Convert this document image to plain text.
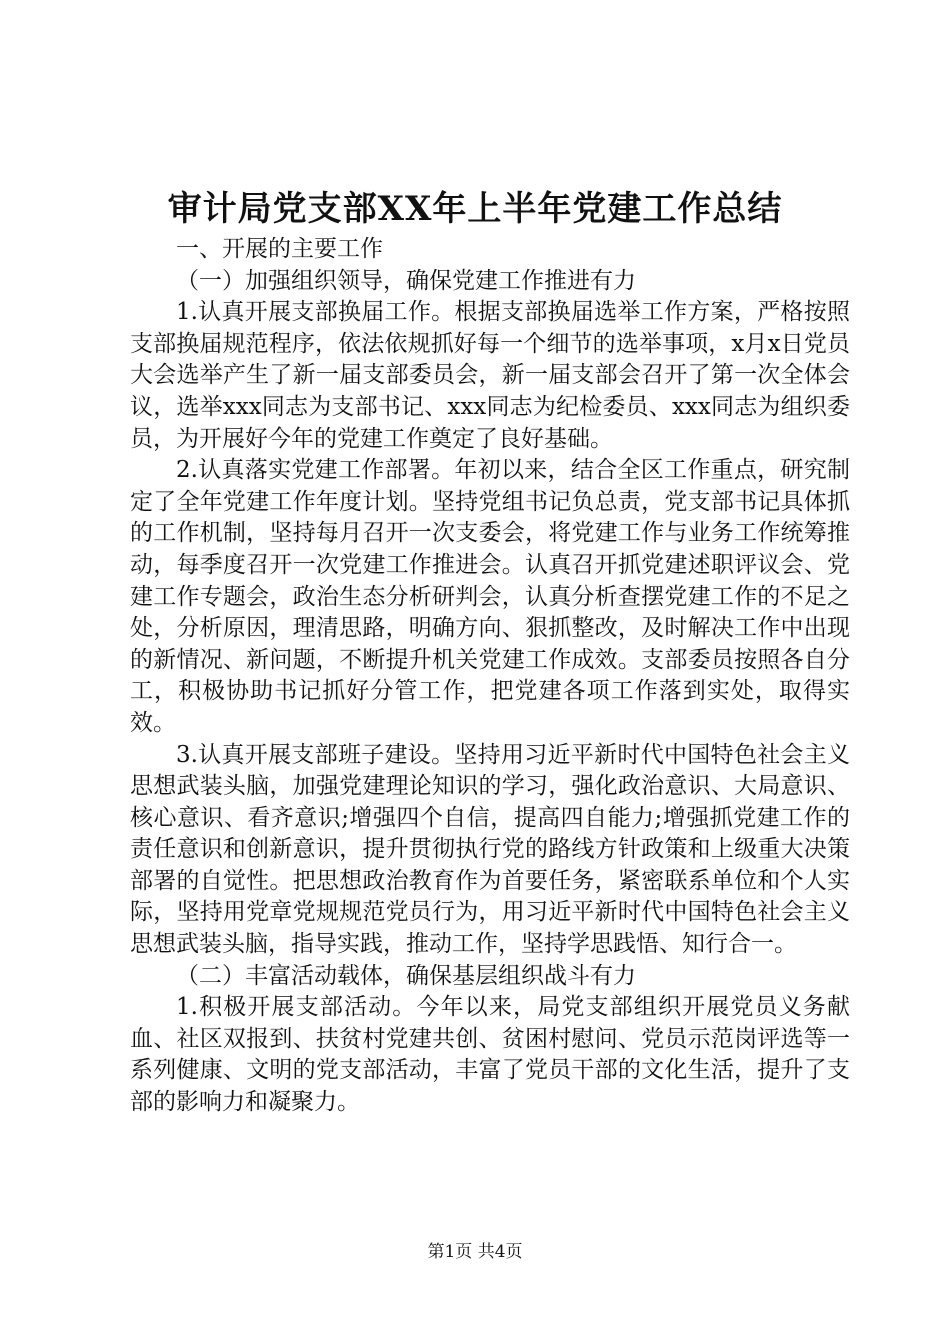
审计局党支部XX年上半年党建工作总结

一、开展的主要工作

（一）加强组织领导，确保党建工作推进有力

1.认真开展支部换届工作。根据支部换届选举工作方案，严格按照支部换届规范程序，依法依规抓好每一个细节的选举事项，x月x日党员大会选举产生了新一届支部委员会，新一届支部会召开了第一次全体会议，选举xxx同志为支部书记、xxx同志为纪检委员、xxx同志为组织委员，为开展好今年的党建工作奠定了良好基础。

2.认真落实党建工作部署。年初以来，结合全区工作重点，研究制定了全年党建工作年度计划。坚持党组书记负总责，党支部书记具体抓的工作机制，坚持每月召开一次支委会，将党建工作与业务工作统筹推动，每季度召开一次党建工作推进会。认真召开抓党建述职评议会、党建工作专题会，政治生态分析研判会，认真分析查摆党建工作的不足之处，分析原因，理清思路，明确方向、狠抓整改，及时解决工作中出现的新情况、新问题，不断提升机关党建工作成效。支部委员按照各自分工，积极协助书记抓好分管工作，把党建各项工作落到实处，取得实效。

3.认真开展支部班子建设。坚持用习近平新时代中国特色社会主义思想武装头脑，加强党建理论知识的学习，强化政治意识、大局意识、核心意识、看齐意识;增强四个自信，提高四自能力;增强抓党建工作的责任意识和创新意识，提升贯彻执行党的路线方针政策和上级重大决策部署的自觉性。把思想政治教育作为首要任务，紧密联系单位和个人实际，坚持用党章党规规范党员行为，用习近平新时代中国特色社会主义思想武装头脑，指导实践，推动工作，坚持学思践悟、知行合一。

（二）丰富活动载体，确保基层组织战斗有力

1.积极开展支部活动。今年以来，局党支部组织开展党员义务献血、社区双报到、扶贫村党建共创、贫困村慰问、党员示范岗评选等一系列健康、文明的党支部活动，丰富了党员干部的文化生活，提升了支部的影响力和凝聚力。

第1页 共4页
